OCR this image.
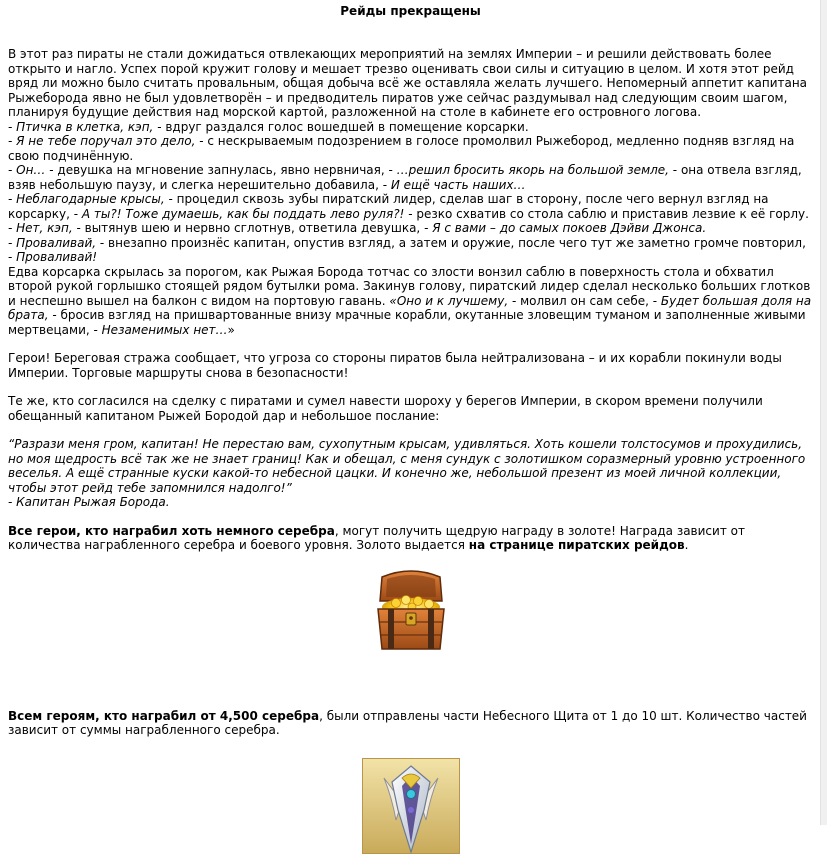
Рейды прекращены

В этот раз пираты не стали дожидаться отвлекающих мероприятий на землях Империи – и решили действовать более открыто и нагло. Успех порой кружит голову и мешает трезво оценивать свои силы и ситуацию в целом. И хотя этот рейд вряд ли можно было считать провальным, общая добыча всё же оставляла желать лучшего. Непомерный аппетит капитана Рыжеборода явно не был удовлетворён – и предводитель пиратов уже сейчас раздумывал над следующим своим шагом, планируя будущие действия над морской картой, разложенной на столе в кабинете его островного логова.
- Птичка в клетка, кэп, - вдруг раздался голос вошедшей в помещение корсарки.
- Я не тебе поручал это дело, - с нескрываемым подозрением в голосе промолвил Рыжебород, медленно подняв взгляд на свою подчинённую.
- Он… - девушка на мгновение запнулась, явно нервничая, - …решил бросить якорь на большой земле, - она отвела взгляд, взяв небольшую паузу, и слегка нерешительно добавила, - И ещё часть наших…
- Неблагодарные крысы, - процедил сквозь зубы пиратский лидер, сделав шаг в сторону, после чего вернул взгляд на корсарку, - А ты?! Тоже думаешь, как бы поддать лево руля?! - резко схватив со стола саблю и приставив лезвие к её горлу.
- Нет, кэп, - вытянув шею и нервно сглотнув, ответила девушка, - Я с вами – до самых покоев Дэйви Джонса.
- Проваливай, - внезапно произнёс капитан, опустив взгляд, а затем и оружие, после чего тут же заметно громче повторил, - Проваливай!
Едва корсарка скрылась за порогом, как Рыжая Борода тотчас со злости вонзил саблю в поверхность стола и обхватил второй рукой горлышко стоящей рядом бутылки рома. Закинув голову, пиратский лидер сделал несколько больших глотков и неспешно вышел на балкон с видом на портовую гавань. «Оно и к лучшему, - молвил он сам себе, - Будет большая доля на брата, - бросив взгляд на пришвартованные внизу мрачные корабли, окутанные зловещим туманом и заполненные живыми мертвецами, - Незаменимых нет…»

Герои! Береговая стража сообщает, что угроза со стороны пиратов была нейтрализована – и их корабли покинули воды Империи. Торговые маршруты снова в безопасности!

Те же, кто согласился на сделку с пиратами и сумел навести шороху у берегов Империи, в скором времени получили обещанный капитаном Рыжей Бородой дар и небольшое послание:

“Разрази меня гром, капитан! Не перестаю вам, сухопутным крысам, удивляться. Хоть кошели толстосумов и прохудились, но моя щедрость всё так же не знает границ! Как и обещал, с меня сундук с золотишком соразмерный уровню устроенного веселья. А ещё странные куски какой-то небесной цацки. И конечно же, небольшой презент из моей личной коллекции, чтобы этот рейд тебе запомнился надолго!”
- Капитан Рыжая Борода.

Все герои, кто награбил хоть немного серебра, могут получить щедрую награду в золоте! Награда зависит от количества награбленного серебра и боевого уровня. Золото выдается на странице пиратских рейдов.

Всем героям, кто награбил от 4,500 серебра, были отправлены части Небесного Щита от 1 до 10 шт. Количество частей зависит от суммы награбленного серебра.
